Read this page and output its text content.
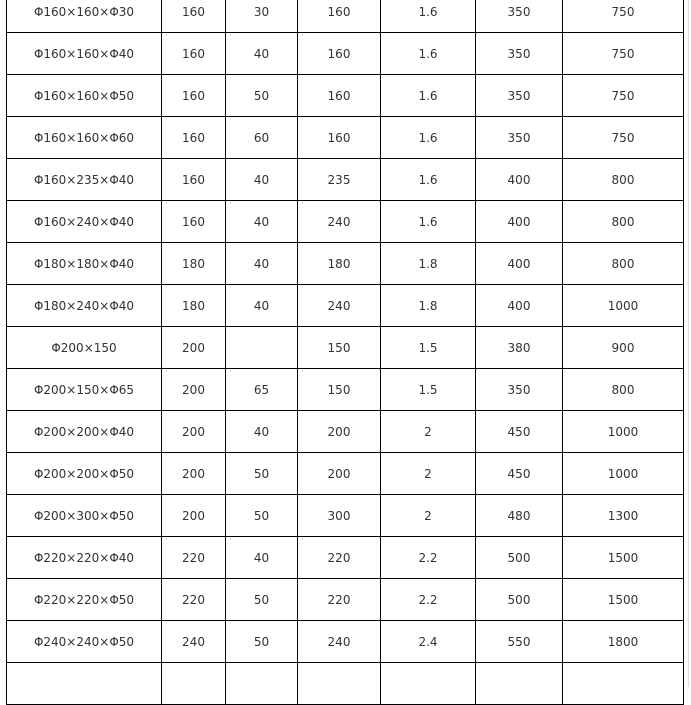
Φ160×160×Φ30	160	30	160	1.6	350	750
Φ160×160×Φ40	160	40	160	1.6	350	750
Φ160×160×Φ50	160	50	160	1.6	350	750
Φ160×160×Φ60	160	60	160	1.6	350	750
Φ160×235×Φ40	160	40	235	1.6	400	800
Φ160×240×Φ40	160	40	240	1.6	400	800
Φ180×180×Φ40	180	40	180	1.8	400	800
Φ180×240×Φ40	180	40	240	1.8	400	1000
Φ200×150	200		150	1.5	380	900
Φ200×150×Φ65	200	65	150	1.5	350	800
Φ200×200×Φ40	200	40	200	2	450	1000
Φ200×200×Φ50	200	50	200	2	450	1000
Φ200×300×Φ50	200	50	300	2	480	1300
Φ220×220×Φ40	220	40	220	2.2	500	1500
Φ220×220×Φ50	220	50	220	2.2	500	1500
Φ240×240×Φ50	240	50	240	2.4	550	1800
